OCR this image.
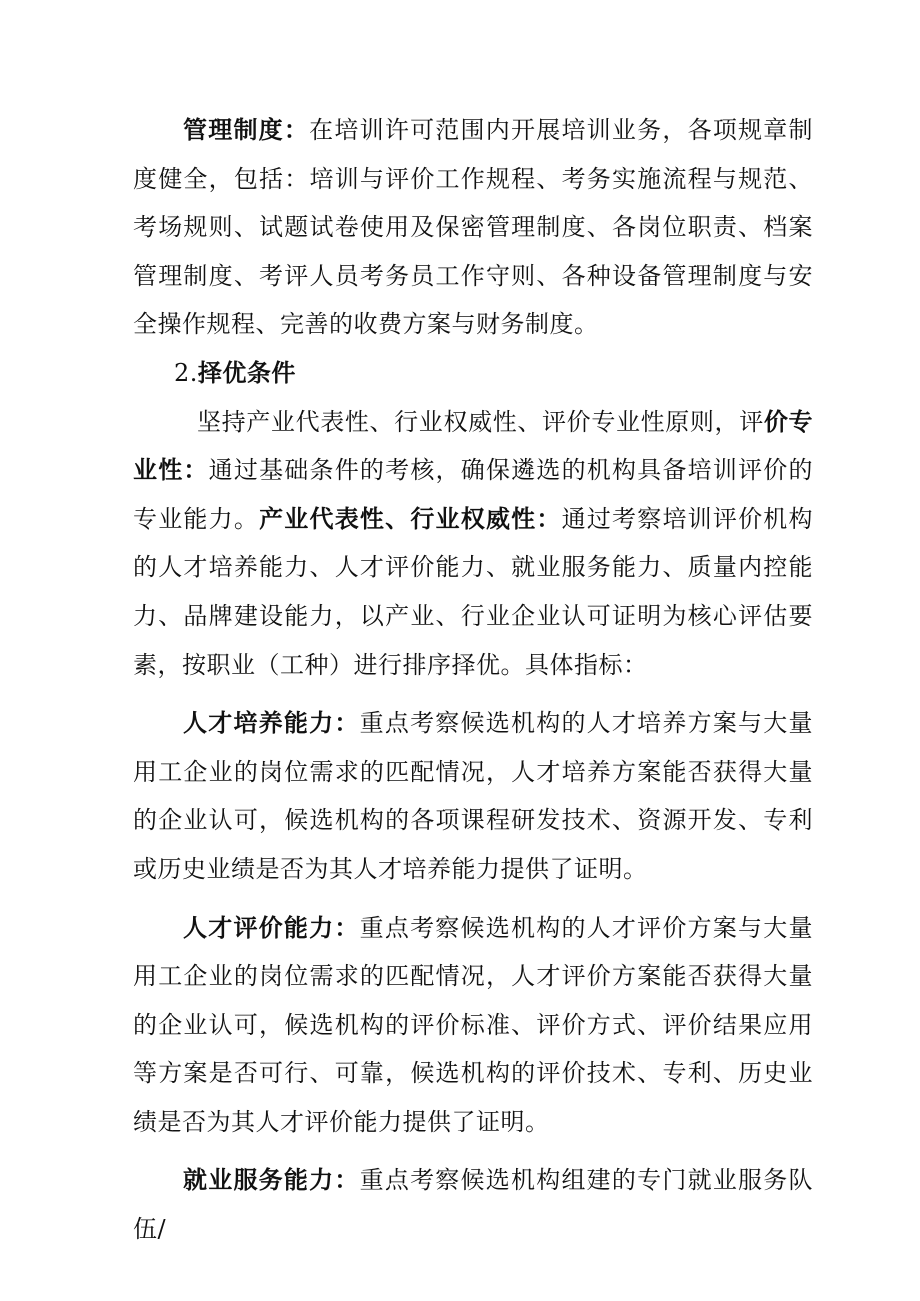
管理制度：在培训许可范围内开展培训业务，各项规章制度健全，包括：培训与评价工作规程、考务实施流程与规范、考场规则、试题试卷使用及保密管理制度、各岗位职责、档案管理制度、考评人员考务员工作守则、各种设备管理制度与安全操作规程、完善的收费方案与财务制度。

2.择优条件

坚持产业代表性、行业权威性、评价专业性原则，评价专业性：通过基础条件的考核，确保遴选的机构具备培训评价的专业能力。产业代表性、行业权威性：通过考察培训评价机构的人才培养能力、人才评价能力、就业服务能力、质量内控能力、品牌建设能力，以产业、行业企业认可证明为核心评估要素，按职业（工种）进行排序择优。具体指标：

人才培养能力：重点考察候选机构的人才培养方案与大量用工企业的岗位需求的匹配情况，人才培养方案能否获得大量的企业认可，候选机构的各项课程研发技术、资源开发、专利或历史业绩是否为其人才培养能力提供了证明。

人才评价能力：重点考察候选机构的人才评价方案与大量用工企业的岗位需求的匹配情况，人才评价方案能否获得大量的企业认可，候选机构的评价标准、评价方式、评价结果应用等方案是否可行、可靠，候选机构的评价技术、专利、历史业绩是否为其人才评价能力提供了证明。

就业服务能力：重点考察候选机构组建的专门就业服务队伍/
